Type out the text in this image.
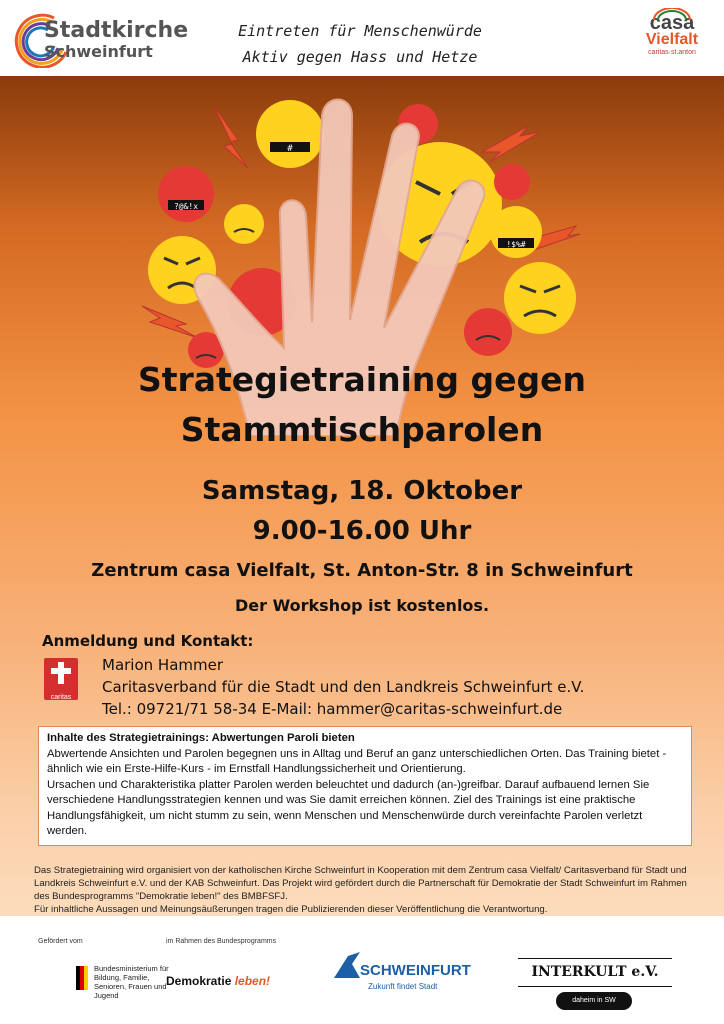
Stadtkirche
Schweinfurt
Eintreten für Menschenwürde
Aktiv gegen Hass und Hetze
casa
Vielfalt
caritas·st.anton
#
?@&!x
!$%#
Strategietraining gegen
Stammtischparolen
Samstag, 18. Oktober
9.00-16.00 Uhr
Zentrum casa Vielfalt, St. Anton-Str. 8 in Schweinfurt
Der Workshop ist kostenlos.
Anmeldung und Kontakt:
caritas
Marion Hammer
Caritasverband für die Stadt und den Landkreis Schweinfurt e.V.
Tel.: 09721/71 58-34 E-Mail: hammer@caritas-schweinfurt.de

Inhalte des Strategietrainings: Abwertungen Paroli bieten

Abwertende Ansichten und Parolen begegnen uns in Alltag und Beruf an ganz unterschiedlichen Orten. Das Training bietet - ähnlich wie ein Erste-Hilfe-Kurs - im Ernstfall Handlungssicherheit und Orientierung.

Ursachen und Charakteristika platter Parolen werden beleuchtet und dadurch (an-)greifbar. Darauf aufbauend lernen Sie verschiedene Handlungsstrategien kennen und was Sie damit erreichen können. Ziel des Trainings ist eine praktische Handlungsfähigkeit, um nicht stumm zu sein, wenn Menschen und Menschenwürde durch vereinfachte Parolen verletzt werden.

Das Strategietraining wird organisiert von der katholischen Kirche Schweinfurt in Kooperation mit dem Zentrum casa Vielfalt/ Caritasverband für Stadt und Landkreis Schweinfurt e.V. und der KAB Schweinfurt. Das Projekt wird gefördert durch die Partnerschaft für Demokratie der Stadt Schweinfurt im Rahmen des Bundesprogramms "Demokratie leben!" des BMBFSFJ.
Für inhaltliche Aussagen und Meinungsäußerungen tragen die Publizierenden dieser Veröffentlichung die Verantwortung.
Gefördert vom	im Rahmen des Bundesprogramms
Bundesministerium für Bildung, Familie, Senioren, Frauen und Jugend
Demokratie leben!
SCHWEINFURT
Zukunft findet Stadt
INTERKULT e.V.
daheim in SW
